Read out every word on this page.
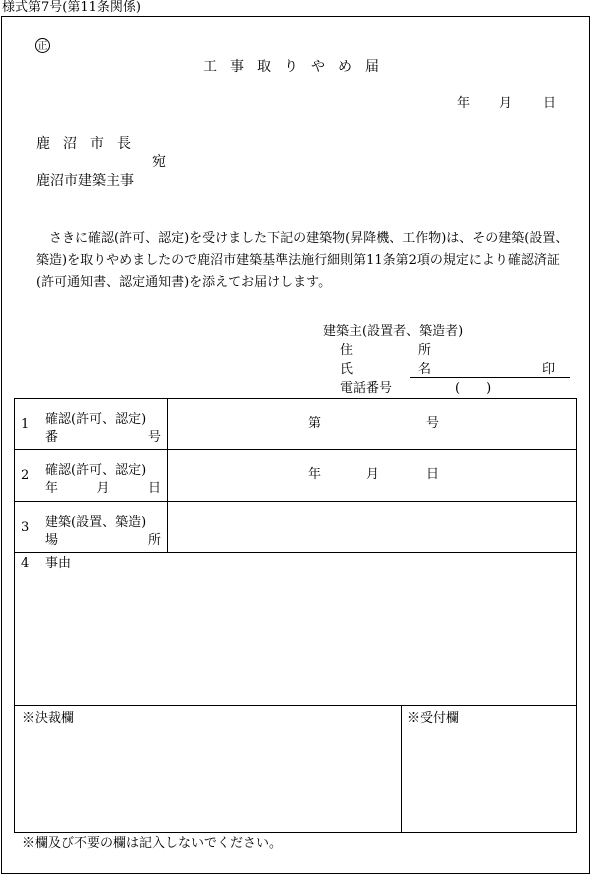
様式第7号(第11条関係)
正
工事取りやめ届
年 月 日
鹿沼市長
宛
鹿沼市建築主事
さきに確認(許可、認定)を受けました下記の建築物(昇降機、工作物)は、その建築(設置、築造)を取りやめましたので鹿沼市建築基準法施行細則第11条第2項の規定により確認済証(許可通知書、認定通知書)を添えてお届けします。
建築主(設置者、築造者)
住　所
氏　名	印
電話番号	(　　)
1 確認(許可、認定)
番 号	第 号

2 確認(許可、認定)
年 月 日	年 月 日

3 建築(設置、築造)
場 所	

4 事由	
※決裁欄	※受付欄
※欄及び不要の欄は記入しないでください。
